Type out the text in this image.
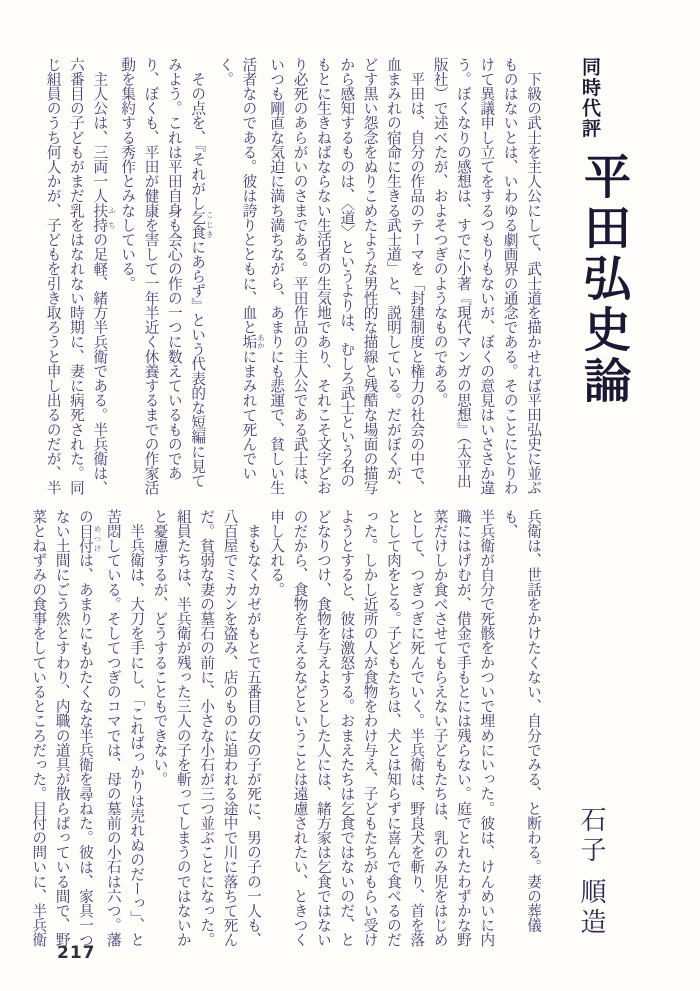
同時代評
平田弘史論
石子 順造

　下級の武士を主人公にして、武士道を描かせれば平田弘史に並ぶ

ものはないとは、いわゆる劇画界の通念である。そのことにとりわ

けて異議申し立てをするつもりもないが、ぼくの意見はいささか違

う。ぼくなりの感想は、すでに小著『現代マンガの思想』（太平出

版社）で述べたが、およそつぎのようなものである。

　平田は、自分の作品のテーマを「封建制度と権力の社会の中で、

血まみれの宿命に生きる武士道」と、説明している。だがぼくが、

どす黒い怨念をぬりこめたような男性的な描線と残酷な場面の描写

から感知するものは、〈道〉というよりは、むしろ武士という名の

もとに生きねばならない生活者の生気地であり、それこそ文字どお

り必死のあらがいのさまである。平田作品の主人公である武士は、

いつも剛直な気迫に満ち満ちながら、あまりにも悲運で、貧しい生

活者なのである。彼は誇りとともに、血と垢 あかにまみれて死んでい

く。

　その点を、『それがし乞食 こじきにあらず』という代表的な短編に見て

みよう。これは平田自身も会心の作の一つに数えているものであ

り、ぼくも、平田が健康を害して一年半近く休養するまでの作家活

動を集約する秀作とみなしている。

　主人公は、三両一人扶持 ふちの足軽、緒方半兵衛である。半兵衛は、

六番目の子どもがまだ乳をはなれない時期に、妻に病死された。同

じ組員のうち何人かが、子どもを引き取ろうと申し出るのだが、半

兵衛は、世話をかけたくない、自分でみる、と断わる。妻の葬儀も、

半兵衛が自分で死骸をかついで埋めにいった。彼は、けんめいに内

職にはげむが、借金で手もとには残らない。庭でとれたわずかな野

菜だけしか食べさせてもらえない子どもたちは、乳のみ児をはじめ

として、つぎつぎに死んでいく。半兵衛は、野良犬を斬り、首を落

として肉をとる。子どもたちは、犬とは知らずに喜んで食べるのだ

った。しかし近所の人が食物をわけ与え、子どもたちがもらい受け

ようとすると、彼は激怒する。おまえたちは乞食ではないのだ、と

どなりつけ、食物を与えようとした人には、緒方家は乞食ではない

のだから、食物を与えるなどということは遠慮されたい、ときつく

申し入れる。

　まもなくカゼがもとで五番目の女の子が死に、男の子の一人も、

八百屋でミカンを盗み、店のものに追われる途中で川に落ちて死ん

だ。貧弱な妻の墓石の前に、小さな小石が三つ並ぶことになった。

組員たちは、半兵衛が残った三人の子を斬ってしまうのではないか

と憂慮するが、どうすることもできない。

　半兵衛は、大刀を手にし、「こればっかりは売れぬのだーっ」、と

苦悶している。そしてつぎのコマでは、母の墓前の小石は六つ。藩

の目付 めつけは、あまりにもかたくなな半兵衛を尋ねた。彼は、家具一つ

ない土間にごう然とすわり、内職の道具が散らばっている間で、野

菜とねずみの食事をしているところだった。目付の問いに、半兵衛

217
